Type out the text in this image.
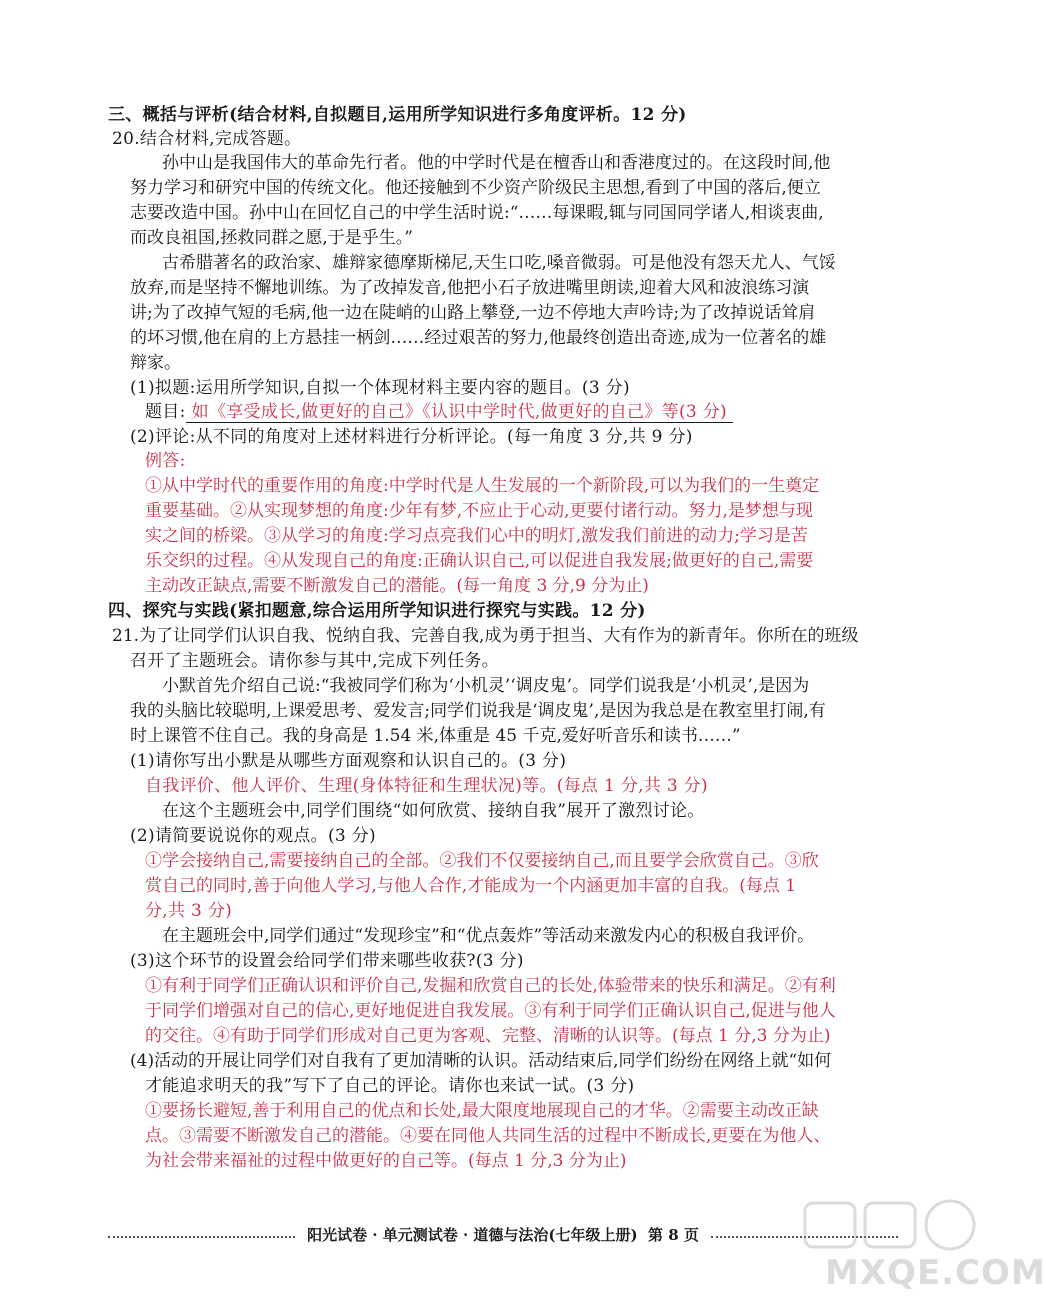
三、概括与评析(结合材料,自拟题目,运用所学知识进行多角度评析。12 分)
20.结合材料,完成答题。
孙中山是我国伟大的革命先行者。他的中学时代是在檀香山和香港度过的。在这段时间,他
努力学习和研究中国的传统文化。他还接触到不少资产阶级民主思想,看到了中国的落后,便立
志要改造中国。孙中山在回忆自己的中学生活时说:“……每课暇,辄与同国同学诸人,相谈衷曲,
而改良祖国,拯救同群之愿,于是乎生。”
古希腊著名的政治家、雄辩家德摩斯梯尼,天生口吃,嗓音微弱。可是他没有怨天尤人、气馁
放弃,而是坚持不懈地训练。为了改掉发音,他把小石子放进嘴里朗读,迎着大风和波浪练习演
讲;为了改掉气短的毛病,他一边在陡峭的山路上攀登,一边不停地大声吟诗;为了改掉说话耸肩
的坏习惯,他在肩的上方悬挂一柄剑……经过艰苦的努力,他最终创造出奇迹,成为一位著名的雄
辩家。
(1)拟题:运用所学知识,自拟一个体现材料主要内容的题目。(3 分)
题目: 如《享受成长,做更好的自己》《认识中学时代,做更好的自己》等(3 分)
(2)评论:从不同的角度对上述材料进行分析评论。(每一角度 3 分,共 9 分)
例答:
①从中学时代的重要作用的角度:中学时代是人生发展的一个新阶段,可以为我们的一生奠定
重要基础。②从实现梦想的角度:少年有梦,不应止于心动,更要付诸行动。努力,是梦想与现
实之间的桥梁。③从学习的角度:学习点亮我们心中的明灯,激发我们前进的动力;学习是苦
乐交织的过程。④从发现自己的角度:正确认识自己,可以促进自我发展;做更好的自己,需要
主动改正缺点,需要不断激发自己的潜能。(每一角度 3 分,9 分为止)
四、探究与实践(紧扣题意,综合运用所学知识进行探究与实践。12 分)
21.为了让同学们认识自我、悦纳自我、完善自我,成为勇于担当、大有作为的新青年。你所在的班级
召开了主题班会。请你参与其中,完成下列任务。
小默首先介绍自己说:“我被同学们称为‘小机灵’‘调皮鬼’。同学们说我是‘小机灵’,是因为
我的头脑比较聪明,上课爱思考、爱发言;同学们说我是‘调皮鬼’,是因为我总是在教室里打闹,有
时上课管不住自己。我的身高是 1.54 米,体重是 45 千克,爱好听音乐和读书……”
(1)请你写出小默是从哪些方面观察和认识自己的。(3 分)
自我评价、他人评价、生理(身体特征和生理状况)等。(每点 1 分,共 3 分)
在这个主题班会中,同学们围绕“如何欣赏、接纳自我”展开了激烈讨论。
(2)请简要说说你的观点。(3 分)
①学会接纳自己,需要接纳自己的全部。②我们不仅要接纳自己,而且要学会欣赏自己。③欣
赏自己的同时,善于向他人学习,与他人合作,才能成为一个内涵更加丰富的自我。(每点 1
分,共 3 分)
在主题班会中,同学们通过“发现珍宝”和“优点轰炸”等活动来激发内心的积极自我评价。
(3)这个环节的设置会给同学们带来哪些收获?(3 分)
①有利于同学们正确认识和评价自己,发掘和欣赏自己的长处,体验带来的快乐和满足。②有利
于同学们增强对自己的信心,更好地促进自我发展。③有利于同学们正确认识自己,促进与他人
的交往。④有助于同学们形成对自己更为客观、完整、清晰的认识等。(每点 1 分,3 分为止)
(4)活动的开展让同学们对自我有了更加清晰的认识。活动结束后,同学们纷纷在网络上就“如何
才能追求明天的我”写下了自己的评论。请你也来试一试。(3 分)
①要扬长避短,善于利用自己的优点和长处,最大限度地展现自己的才华。②需要主动改正缺
点。③需要不断激发自己的潜能。④要在同他人共同生活的过程中不断成长,更要在为他人、
为社会带来福祉的过程中做更好的自己等。(每点 1 分,3 分为止)
阳光试卷 · 单元测试卷 · 道德与法治(七年级上册) 第 8 页
MXQE.COM
